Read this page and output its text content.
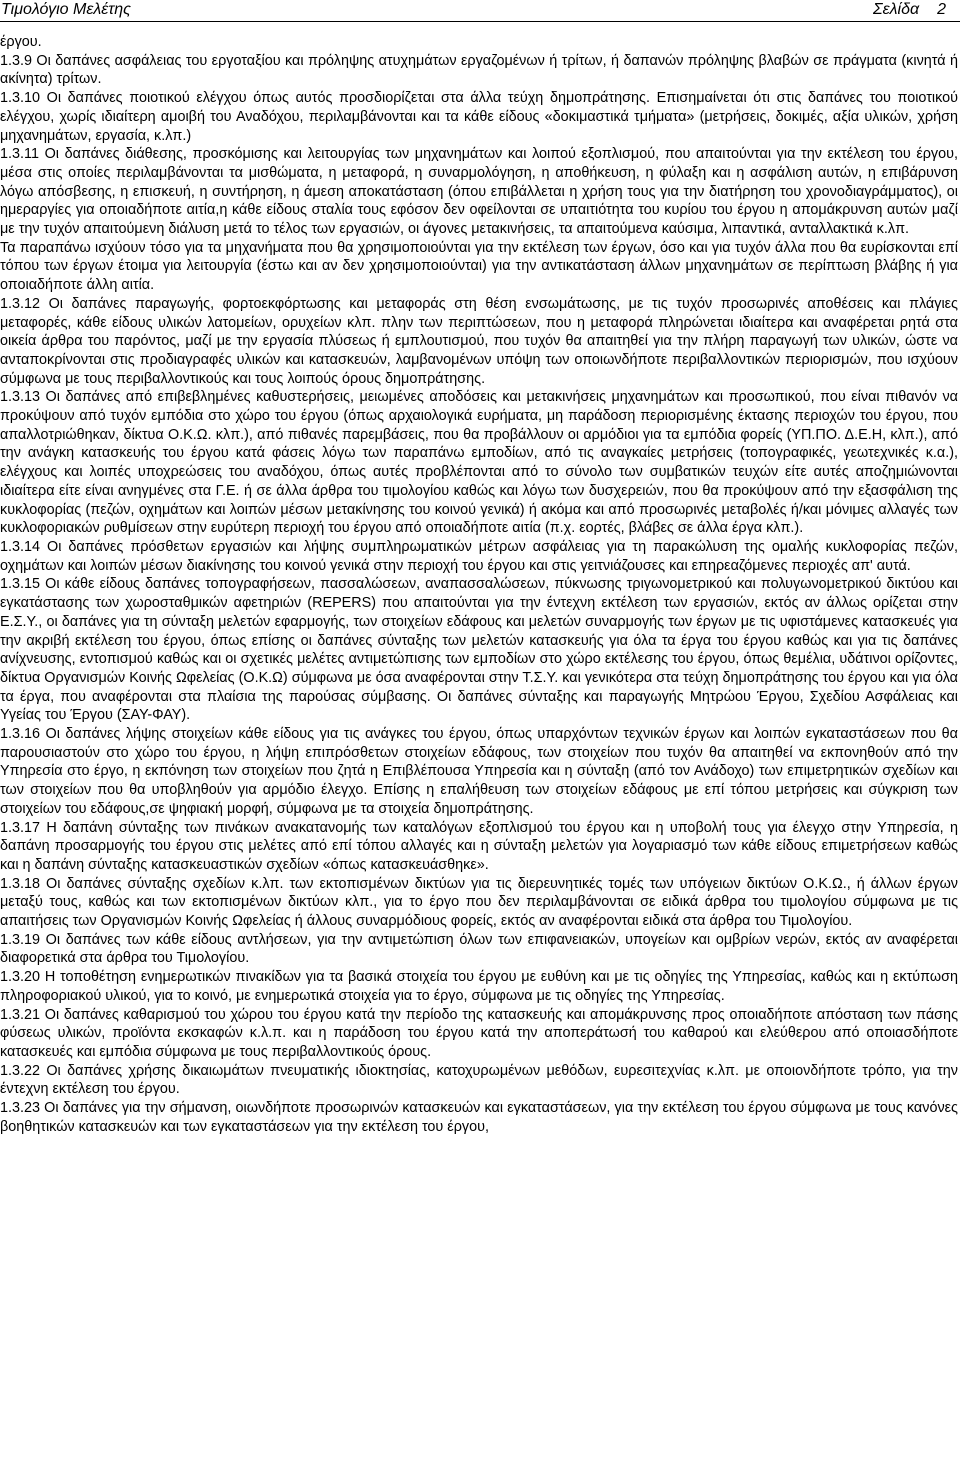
Τιμολόγιο Μελέτης	Σελίδα 2

έργου.

1.3.9 Οι δαπάνες ασφάλειας του εργοταξίου και πρόληψης ατυχημάτων εργαζομένων ή τρίτων, ή δαπανών πρόληψης βλαβών σε πράγματα (κινητά ή ακίνητα) τρίτων.

1.3.10 Οι δαπάνες ποιοτικού ελέγχου όπως αυτός προσδιορίζεται στα άλλα τεύχη δημοπράτησης. Επισημαίνεται ότι στις δαπάνες του ποιοτικού ελέγχου, χωρίς ιδιαίτερη αμοιβή του Αναδόχου, περιλαμβάνονται και τα κάθε είδους «δοκιμαστικά τμήματα» (μετρήσεις, δοκιμές, αξία υλικών, χρήση μηχανημάτων, εργασία, κ.λπ.)

1.3.11 Οι δαπάνες διάθεσης, προσκόμισης και λειτουργίας των μηχανημάτων και λοιπού εξοπλισμού, που απαιτούνται για την εκτέλεση του έργου, μέσα στις οποίες περιλαμβάνονται τα μισθώματα, η μεταφορά, η συναρμολόγηση, η αποθήκευση, η φύλαξη και η ασφάλιση αυτών, η επιβάρυνση λόγω απόσβεσης, η επισκευή, η συντήρηση, η άμεση αποκατάσταση (όπου επιβάλλεται η χρήση τους για την διατήρηση του χρονοδιαγράμματος), οι ημεραργίες για οποιαδήποτε αιτία,η κάθε είδους σταλία τους εφόσον δεν οφείλονται σε υπαιτιότητα του κυρίου του έργου η απομάκρυνση αυτών μαζί με την τυχόν απαιτούμενη διάλυση μετά το τέλος των εργασιών, οι άγονες μετακινήσεις, τα απαιτούμενα καύσιμα, λιπαντικά, ανταλλακτικά κ.λπ.

Τα παραπάνω ισχύουν τόσο για τα μηχανήματα που θα χρησιμοποιούνται για την εκτέλεση των έργων, όσο και για τυχόν άλλα που θα ευρίσκονται επί τόπου των έργων έτοιμα για λειτουργία (έστω και αν δεν χρησιμοποιούνται) για την αντικατάσταση άλλων μηχανημάτων σε περίπτωση βλάβης ή για οποιαδήποτε άλλη αιτία.

1.3.12 Οι δαπάνες παραγωγής, φορτοεκφόρτωσης και μεταφοράς στη θέση ενσωμάτωσης, με τις τυχόν προσωρινές αποθέσεις και πλάγιες μεταφορές, κάθε είδους υλικών λατομείων, ορυχείων κλπ. πλην των περιπτώσεων, που η μεταφορά πληρώνεται ιδιαίτερα και αναφέρεται ρητά στα οικεία άρθρα του παρόντος, μαζί με την εργασία πλύσεως ή εμπλουτισμού, που τυχόν θα απαιτηθεί για την πλήρη παραγωγή των υλικών, ώστε να ανταποκρίνονται στις προδιαγραφές υλικών και κατασκευών, λαμβανομένων υπόψη των οποιωνδήποτε περιβαλλοντικών περιορισμών, που ισχύουν σύμφωνα με τους περιβαλλοντικούς και τους λοιπούς όρους δημοπράτησης.

1.3.13 Οι δαπάνες από επιβεβλημένες καθυστερήσεις, μειωμένες αποδόσεις και μετακινήσεις μηχανημάτων και προσωπικού, που είναι πιθανόν να προκύψουν από τυχόν εμπόδια στο χώρο του έργου (όπως αρχαιολογικά ευρήματα, μη παράδοση περιορισμένης έκτασης περιοχών του έργου, που απαλλοτριώθηκαν, δίκτυα Ο.Κ.Ω. κλπ.), από πιθανές παρεμβάσεις, που θα προβάλλουν οι αρμόδιοι για τα εμπόδια φορείς (ΥΠ.ΠΟ. Δ.Ε.Η, κλπ.), από την ανάγκη κατασκευής του έργου κατά φάσεις λόγω των παραπάνω εμποδίων, από τις αναγκαίες μετρήσεις (τοπογραφικές, γεωτεχνικές κ.α.), ελέγχους και λοιπές υποχρεώσεις του αναδόχου, όπως αυτές προβλέπονται από το σύνολο των συμβατικών τευχών είτε αυτές αποζημιώνονται ιδιαίτερα είτε είναι ανηγμένες στα Γ.Ε. ή σε άλλα άρθρα του τιμολογίου καθώς και λόγω των δυσχερειών, που θα προκύψουν από την εξασφάλιση της κυκλοφορίας (πεζών, οχημάτων και λοιπών μέσων μετακίνησης του κοινού γενικά) ή ακόμα και από προσωρινές μεταβολές ή/και μόνιμες αλλαγές των κυκλοφοριακών ρυθμίσεων στην ευρύτερη περιοχή του έργου από οποιαδήποτε αιτία (π.χ. εορτές, βλάβες σε άλλα έργα κλπ.).

1.3.14 Οι δαπάνες πρόσθετων εργασιών και λήψης συμπληρωματικών μέτρων ασφάλειας για τη παρακώλυση της ομαλής κυκλοφορίας πεζών, οχημάτων και λοιπών μέσων διακίνησης του κοινού γενικά στην περιοχή του έργου και στις γειτνιάζουσες και επηρεαζόμενες περιοχές απ' αυτά.

1.3.15 Οι κάθε είδους δαπάνες τοπογραφήσεων, πασσαλώσεων, αναπασσαλώσεων, πύκνωσης τριγωνομετρικού και πολυγωνομετρικού δικτύου και εγκατάστασης των χωροσταθμικών αφετηριών (REPERS) που απαιτούνται για την έντεχνη εκτέλεση των εργασιών, εκτός αν άλλως ορίζεται στην Ε.Σ.Υ., οι δαπάνες για τη σύνταξη μελετών εφαρμογής, των στοιχείων εδάφους και μελετών συναρμογής των έργων με τις υφιστάμενες κατασκευές για την ακριβή εκτέλεση του έργου, όπως επίσης οι δαπάνες σύνταξης των μελετών κατασκευής για όλα τα έργα του έργου καθώς και για τις δαπάνες ανίχνευσης, εντοπισμού καθώς και οι σχετικές μελέτες αντιμετώπισης των εμποδίων στο χώρο εκτέλεσης του έργου, όπως θεμέλια, υδάτινοι ορίζοντες, δίκτυα Οργανισμών Κοινής Ωφελείας (Ο.Κ.Ω) σύμφωνα με όσα αναφέρονται στην Τ.Σ.Υ. και γενικότερα στα τεύχη δημοπράτησης του έργου και για όλα τα έργα, που αναφέρονται στα πλαίσια της παρούσας σύμβασης. Οι δαπάνες σύνταξης και παραγωγής Μητρώου Έργου, Σχεδίου Ασφάλειας και Υγείας του Έργου (ΣΑΥ-ΦΑΥ).

1.3.16 Οι δαπάνες λήψης στοιχείων κάθε είδους για τις ανάγκες του έργου, όπως υπαρχόντων τεχνικών έργων και λοιπών εγκαταστάσεων που θα παρουσιαστούν στο χώρο του έργου, η λήψη επιπρόσθετων στοιχείων εδάφους, των στοιχείων που τυχόν θα απαιτηθεί να εκπονηθούν από την Υπηρεσία στο έργο, η εκπόνηση των στοιχείων που ζητά η Επιβλέπουσα Υπηρεσία και η σύνταξη (από τον Ανάδοχο) των επιμετρητικών σχεδίων και των στοιχείων που θα υποβληθούν για αρμόδιο έλεγχο. Επίσης η επαλήθευση των στοιχείων εδάφους με επί τόπου μετρήσεις και σύγκριση των στοιχείων του εδάφους,σε ψηφιακή μορφή, σύμφωνα με τα στοιχεία δημοπράτησης.

1.3.17 Η δαπάνη σύνταξης των πινάκων ανακατανομής των καταλόγων εξοπλισμού του έργου και η υποβολή τους για έλεγχο στην Υπηρεσία, η δαπάνη προσαρμογής του έργου στις μελέτες από επί τόπου αλλαγές και η σύνταξη μελετών για λογαριασμό των κάθε είδους επιμετρήσεων καθώς και η δαπάνη σύνταξης κατασκευαστικών σχεδίων «όπως κατασκευάσθηκε».

1.3.18 Οι δαπάνες σύνταξης σχεδίων κ.λπ. των εκτοπισμένων δικτύων για τις διερευνητικές τομές των υπόγειων δικτύων Ο.Κ.Ω., ή άλλων έργων μεταξύ τους, καθώς και των εκτοπισμένων δικτύων κλπ., για το έργο που δεν περιλαμβάνονται σε ειδικά άρθρα του τιμολογίου σύμφωνα με τις απαιτήσεις των Οργανισμών Κοινής Ωφελείας ή άλλους συναρμόδιους φορείς, εκτός αν αναφέρονται ειδικά στα άρθρα του Τιμολογίου.

1.3.19 Οι δαπάνες των κάθε είδους αντλήσεων, για την αντιμετώπιση όλων των επιφανειακών, υπογείων και ομβρίων νερών, εκτός αν αναφέρεται διαφορετικά στα άρθρα του Τιμολογίου.

1.3.20 Η τοποθέτηση ενημερωτικών πινακίδων για τα βασικά στοιχεία του έργου με ευθύνη και με τις οδηγίες της Υπηρεσίας, καθώς και η εκτύπωση πληροφοριακού υλικού, για το κοινό, με ενημερωτικά στοιχεία για το έργο, σύμφωνα με τις οδηγίες της Υπηρεσίας.

1.3.21 Οι δαπάνες καθαρισμού του χώρου του έργου κατά την περίοδο της κατασκευής και απομάκρυνσης προς οποιαδήποτε απόσταση των πάσης φύσεως υλικών, προϊόντα εκσκαφών κ.λ.π. και η παράδοση του έργου κατά την αποπεράτωσή του καθαρού και ελεύθερου από οποιασδήποτε κατασκευές και εμπόδια σύμφωνα με τους περιβαλλοντικούς όρους.

1.3.22 Οι δαπάνες χρήσης δικαιωμάτων πνευματικής ιδιοκτησίας, κατοχυρωμένων μεθόδων, ευρεσιτεχνίας κ.λπ. με οποιονδήποτε τρόπο, για την έντεχνη εκτέλεση του έργου.

1.3.23 Οι δαπάνες για την σήμανση, οιωνδήποτε προσωρινών κατασκευών και εγκαταστάσεων, για την εκτέλεση του έργου σύμφωνα με τους κανόνες βοηθητικών κατασκευών και των εγκαταστάσεων για την εκτέλεση του έργου,
